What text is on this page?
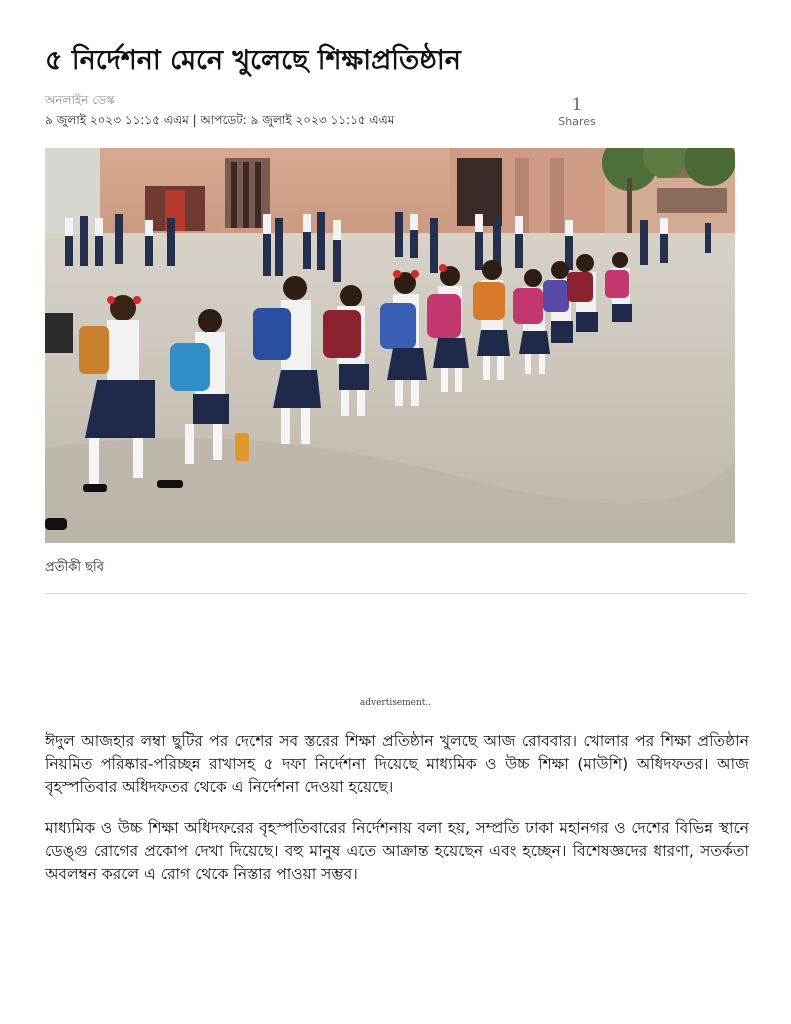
৫ নির্দেশনা মেনে খুলেছে শিক্ষাপ্রতিষ্ঠান
অনলাইন ডেস্ক
৯ জুলাই ২০২৩ ১১:১৫ এএম | আপডেট: ৯ জুলাই ২০২৩ ১১:১৫ এএম
1
Shares
প্রতীকী ছবি
advertisement..

ঈদুল আজহার লম্বা ছুটির পর দেশের সব স্তরের শিক্ষা প্রতিষ্ঠান খুলছে আজ রোববার। খোলার পর শিক্ষা প্রতিষ্ঠান নিয়মিত পরিষ্কার-পরিচ্ছন্ন রাখাসহ ৫ দফা নির্দেশনা দিয়েছে মাধ্যমিক ও উচ্চ শিক্ষা (মাউশি) অধিদফতর। আজ বৃহস্পতিবার অধিদফতর থেকে এ নির্দেশনা দেওয়া হয়েছে।

মাধ্যমিক ও উচ্চ শিক্ষা অধিদফরের বৃহস্পতিবারের নির্দেশনায় বলা হয়, সম্প্রতি ঢাকা মহানগর ও দেশের বিভিন্ন স্থানে ডেঙ্গু রোগের প্রকোপ দেখা দিয়েছে। বহু মানুষ এতে আক্রান্ত হয়েছেন এবং হচ্ছেন। বিশেষজ্ঞদের ধারণা, সতর্কতা অবলম্বন করলে এ রোগ থেকে নিস্তার পাওয়া সম্ভব।
